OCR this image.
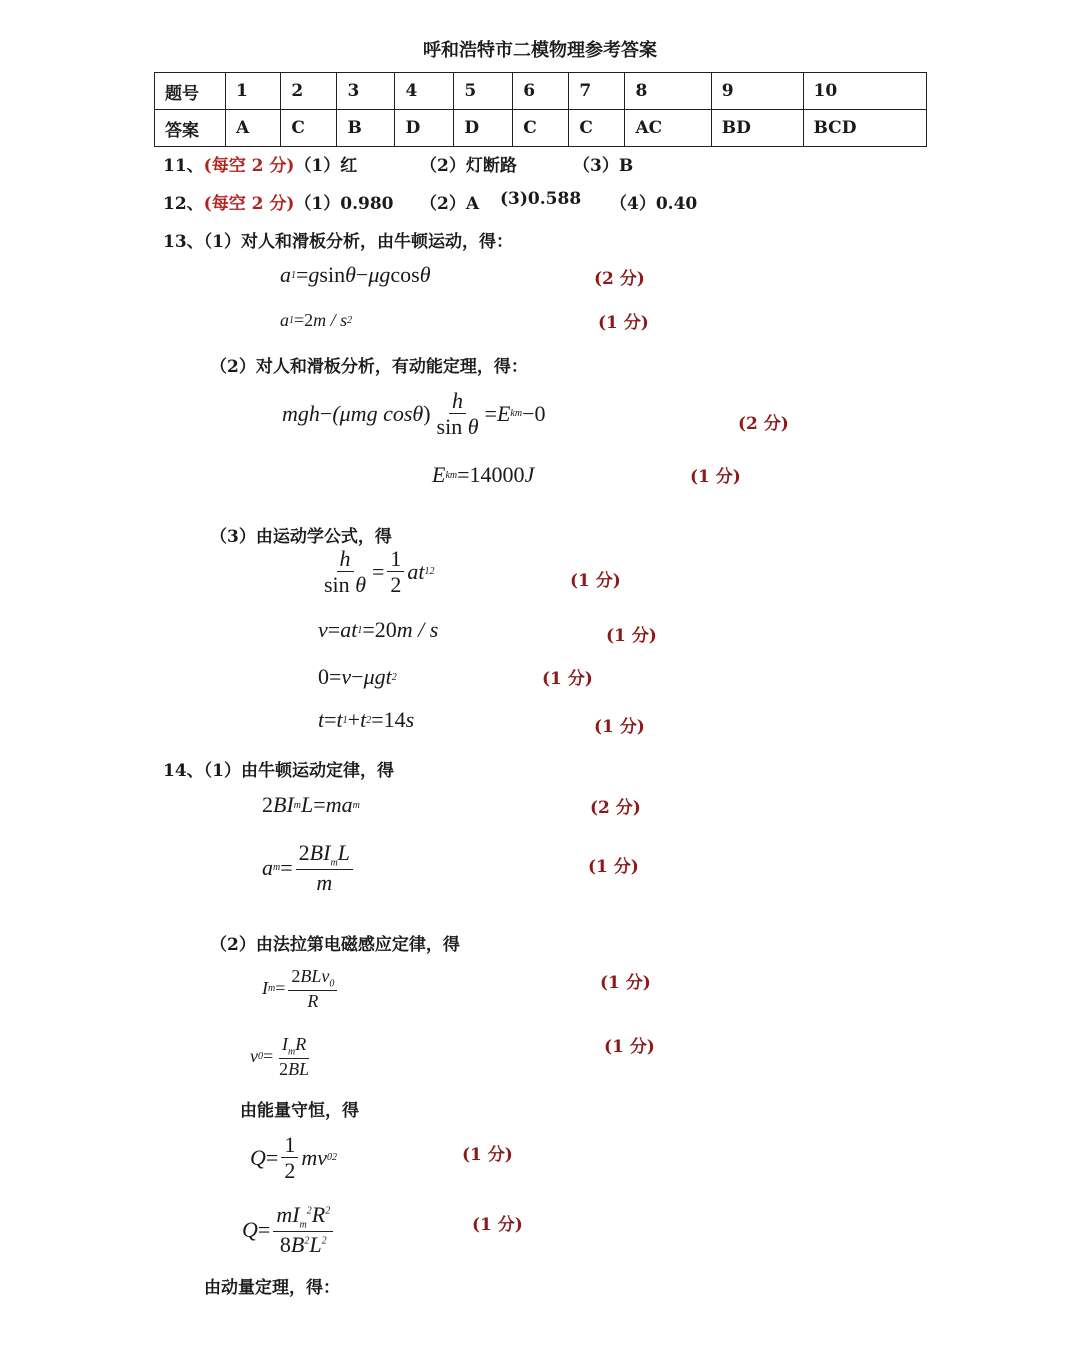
呼和浩特市二模物理参考答案
题号	1	2	3	4	5	6	7	8	9	10
答案	A	C	B	D	D	C	C	AC	BD	BCD
11、(每空 2 分)（1）红	（2）灯断路	（3）B
12、(每空 2 分)（1）0.980 （2）A (3)0.588 （4）0.40
13、（1）对人和滑板分析，由牛顿运动，得：
a 1 = g sin θ − μ g cos θ	(2 分)
a 1 = 2 m / s 2	(1 分)
（2）对人和滑板分析，有动能定理，得：
mgh − (μmg cos θ ) $\frac{h}{\text{sin θ}} = E$ km − 0	(2 分)
E km = 14000 J	(1 分)
（3）由运动学公式，得
$\frac{h}{\text{sin θ}} = \frac{1}{2}$ at 1 2	(1 分)
v = at 1 = 20 m / s	(1 分)
0 = v − μgt 2	(1 分)
t = t 1 + t 2 = 14 s	(1 分)
14、（1）由牛顿运动定律，得
2 B I m L = ma m	(2 分)
a $m = \frac{2BI_mL}{m}$	(1 分)
（2）由法拉第电磁感应定律，得
I $m = \frac{2BLv_0}{R}$	(1 分)
v $0 = \frac{I_mR}{2BL}$	(1 分)
由能量守恒，得
$Q = \frac{1}{2}$ m v 0 2	(1 分)
$Q = \frac{mI_m^2R^2}{8B^2L^2}$	(1 分)
由动量定理，得：
